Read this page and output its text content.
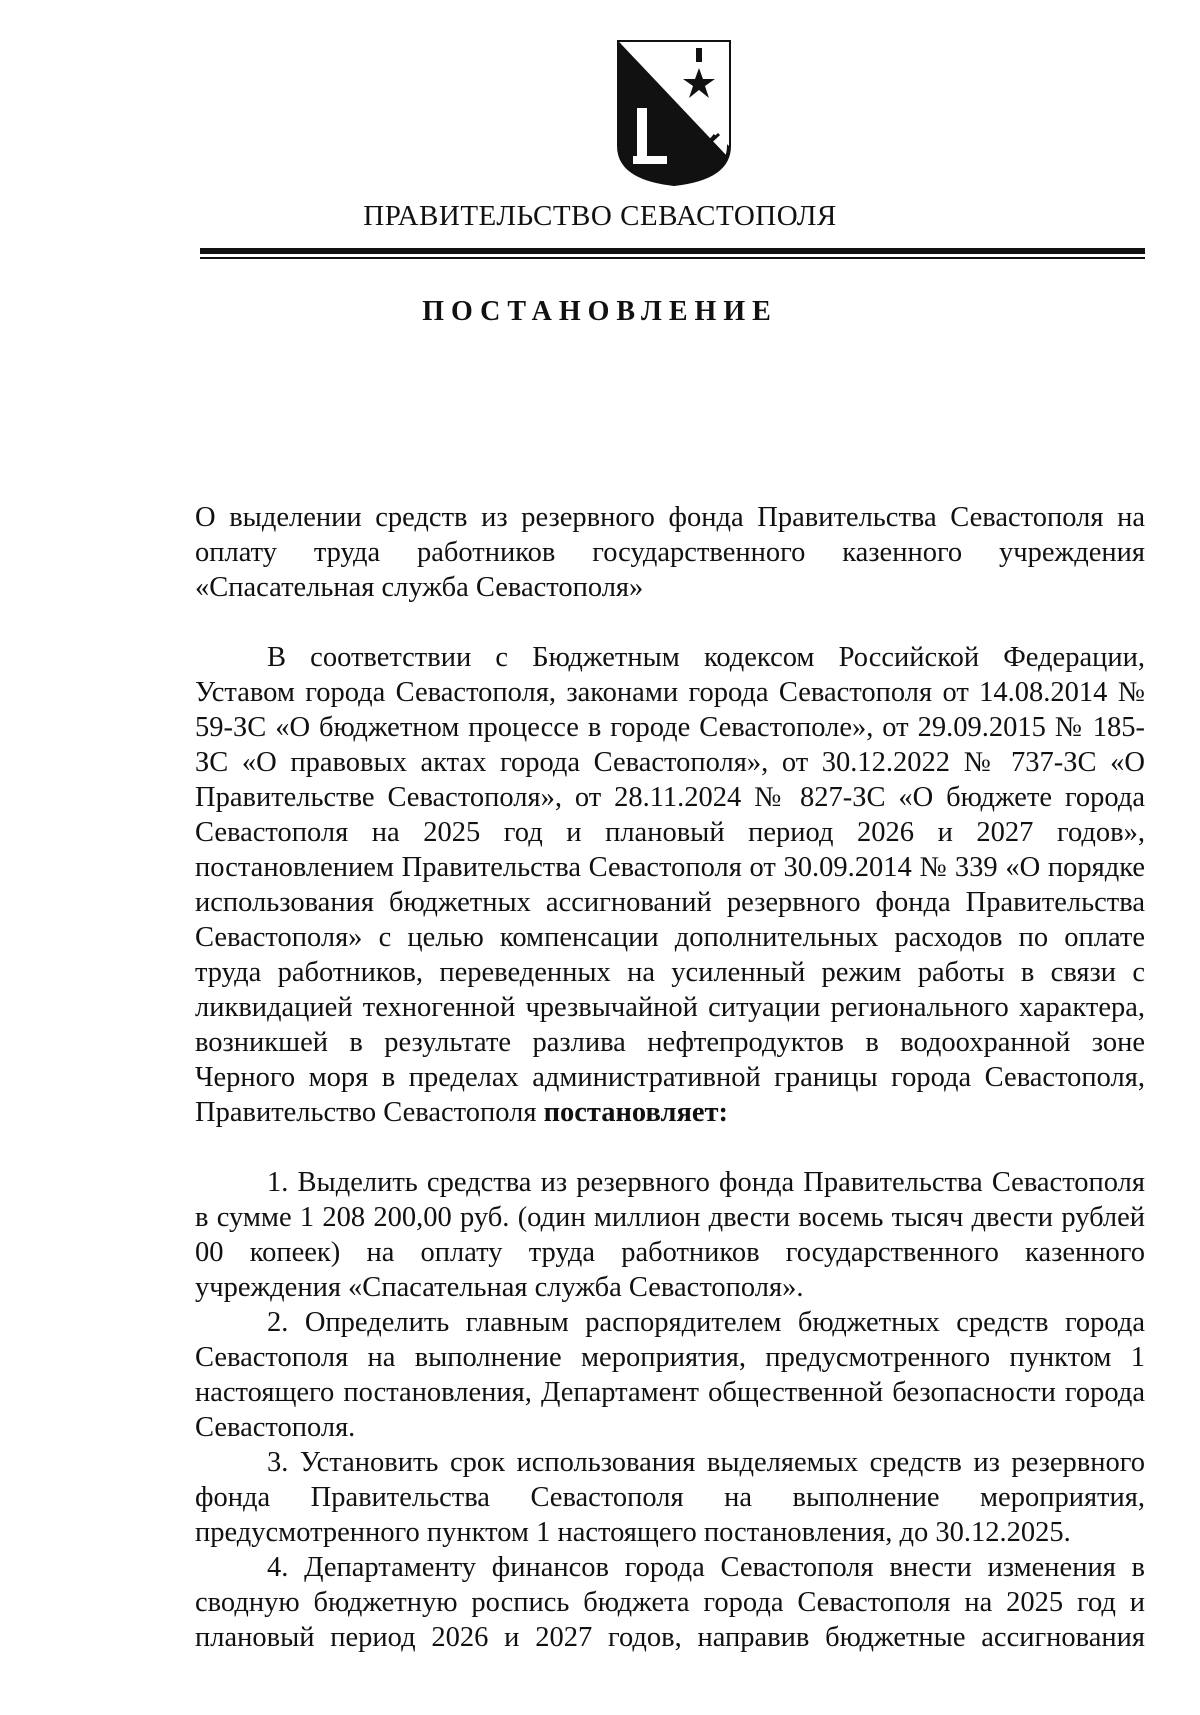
ПРАВИТЕЛЬСТВО СЕВАСТОПОЛЯ
ПОСТАНОВЛЕНИЕ

О выделении средств из резервного фонда Правительства Севастополя на оплату труда работников государственного казенного учреждения «Спасательная служба Севастополя»

В соответствии с Бюджетным кодексом Российской Федерации, Уставом города Севастополя, законами города Севастополя от 14.08.2014 № 59-ЗС «О бюджетном процессе в городе Севастополе», от 29.09.2015 № 185-ЗС «О правовых актах города Севастополя», от 30.12.2022 № 737-ЗС «О Правительстве Севастополя», от 28.11.2024 № 827-ЗС «О бюджете города Севастополя на 2025 год и плановый период 2026 и 2027 годов», постановлением Правительства Севастополя от 30.09.2014 № 339 «О порядке использования бюджетных ассигнований резервного фонда Правительства Севастополя» с целью компенсации дополнительных расходов по оплате труда работников, переведенных на усиленный режим работы в связи с ликвидацией техногенной чрезвычайной ситуации регионального характера, возникшей в результате разлива нефтепродуктов в водоохранной зоне Черного моря в пределах административной границы города Севастополя, Правительство Севастополя постановляет:

1. Выделить средства из резервного фонда Правительства Севастополя в сумме 1 208 200,00 руб. (один миллион двести восемь тысяч двести рублей 00 копеек) на оплату труда работников государственного казенного учреждения «Спасательная служба Севастополя».

2. Определить главным распорядителем бюджетных средств города Севастополя на выполнение мероприятия, предусмотренного пунктом 1 настоящего постановления, Департамент общественной безопасности города Севастополя.

3. Установить срок использования выделяемых средств из резервного фонда Правительства Севастополя на выполнение мероприятия, предусмотренного пунктом 1 настоящего постановления, до 30.12.2025.

4. Департаменту финансов города Севастополя внести изменения в сводную бюджетную роспись бюджета города Севастополя на 2025 год и плановый период 2026 и 2027 годов, направив бюджетные ассигнования
